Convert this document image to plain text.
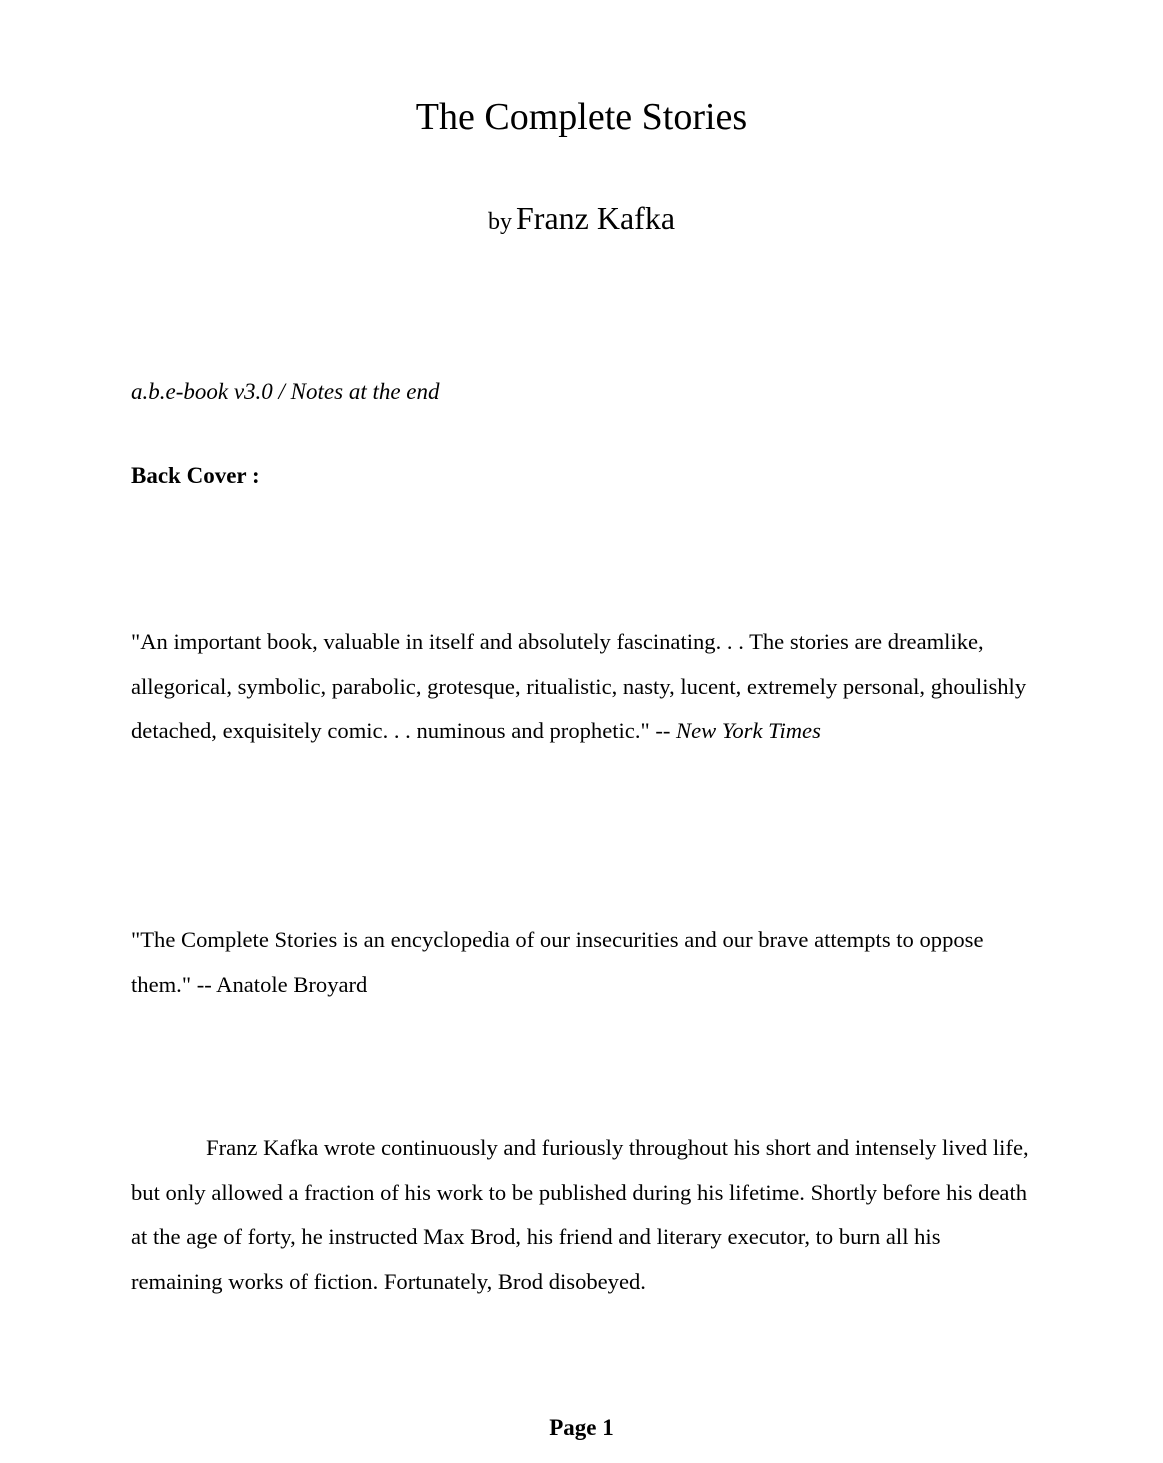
The Complete Stories

by Franz Kafka

a.b.e-book v3.0 / Notes at the end

Back Cover :

"An important book, valuable in itself and absolutely fascinating. . . The stories are dreamlike, allegorical, symbolic, parabolic, grotesque, ritualistic, nasty, lucent, extremely personal, ghoulishly detached, exquisitely comic. . . numinous and prophetic." -- New York Times

"The Complete Stories is an encyclopedia of our insecurities and our brave attempts to oppose them." -- Anatole Broyard

Franz Kafka wrote continuously and furiously throughout his short and intensely lived life, but only allowed a fraction of his work to be published during his lifetime. Shortly before his death at the age of forty, he instructed Max Brod, his friend and literary executor, to burn all his remaining works of fiction. Fortunately, Brod disobeyed.

Page 1
